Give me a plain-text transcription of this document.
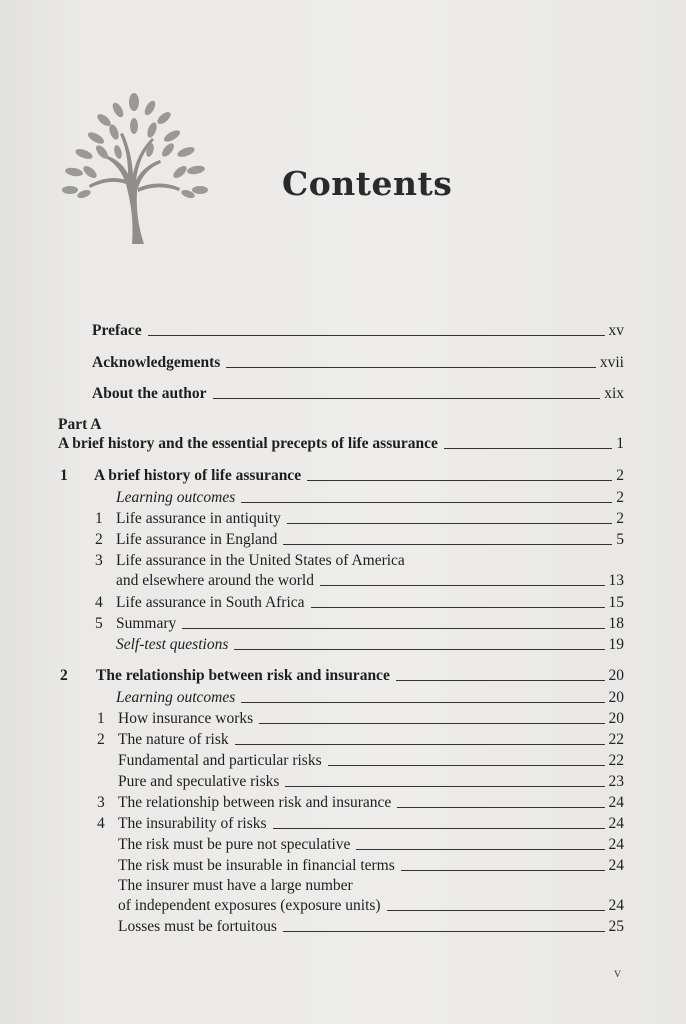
Contents
Preface	xv
Acknowledgements	xvii
About the author	xix
Part A
A brief history and the essential precepts of life assurance	1
1 A brief history of life assurance	2
Learning outcomes	2
1 Life assurance in antiquity	2
2 Life assurance in England	5
3 Life assurance in the United States of America
and elsewhere around the world	13
4 Life assurance in South Africa	15
5 Summary	18
Self-test questions	19
2 The relationship between risk and insurance	20
Learning outcomes	20
1 How insurance works	20
2 The nature of risk	22
Fundamental and particular risks	22
Pure and speculative risks	23
3 The relationship between risk and insurance	24
4 The insurability of risks	24
The risk must be pure not speculative	24
The risk must be insurable in financial terms	24
The insurer must have a large number
of independent exposures (exposure units)	24
Losses must be fortuitous	25
v
